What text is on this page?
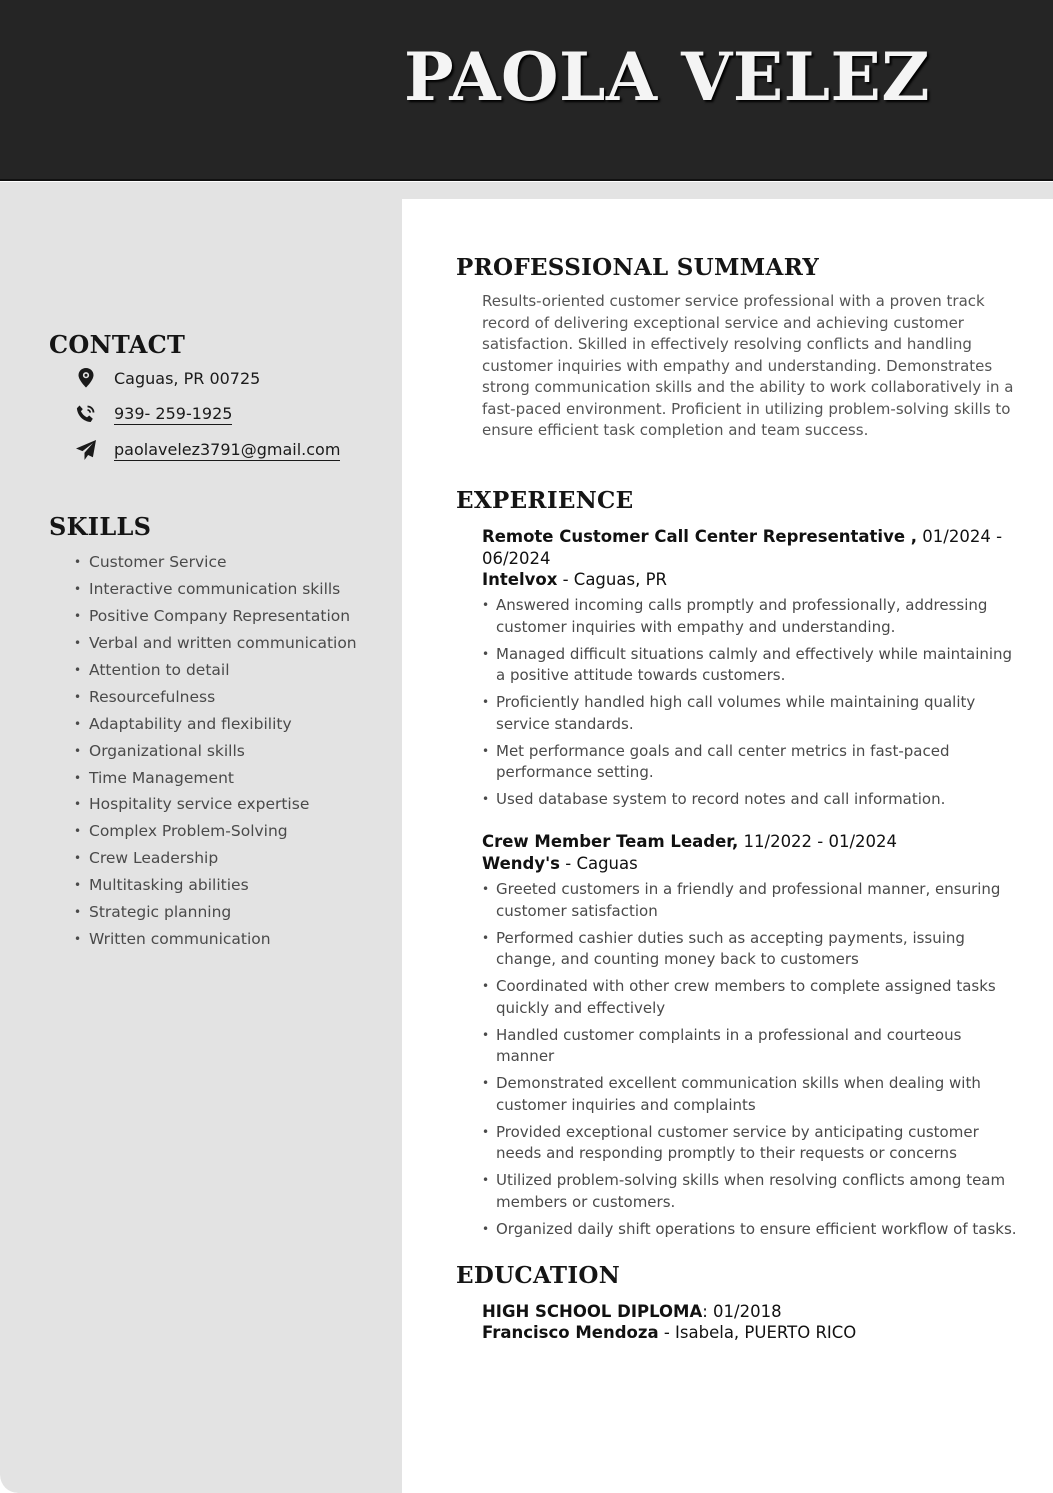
PAOLA VELEZ
CONTACT
Caguas, PR 00725
939- 259-1925
paolavelez3791@gmail.com
SKILLS
• Customer Service
• Interactive communication skills
• Positive Company Representation
• Verbal and written communication
• Attention to detail
• Resourcefulness
• Adaptability and flexibility
• Organizational skills
• Time Management
• Hospitality service expertise
• Complex Problem-Solving
• Crew Leadership
• Multitasking abilities
• Strategic planning
• Written communication
PROFESSIONAL SUMMARY
Results-oriented customer service professional with a proven track record of delivering exceptional service and achieving customer satisfaction. Skilled in effectively resolving conflicts and handling customer inquiries with empathy and understanding. Demonstrates strong communication skills and the ability to work collaboratively in a fast-paced environment. Proficient in utilizing problem-solving skills to ensure efficient task completion and team success.
EXPERIENCE
Remote Customer Call Center Representative , 01/2024 - 06/2024
Intelvox - Caguas, PR
• Answered incoming calls promptly and professionally, addressing customer inquiries with empathy and understanding.
• Managed difficult situations calmly and effectively while maintaining a positive attitude towards customers.
• Proficiently handled high call volumes while maintaining quality service standards.
• Met performance goals and call center metrics in fast-paced performance setting.
• Used database system to record notes and call information.
Crew Member Team Leader, 11/2022 - 01/2024
Wendy's - Caguas
• Greeted customers in a friendly and professional manner, ensuring customer satisfaction
• Performed cashier duties such as accepting payments, issuing change, and counting money back to customers
• Coordinated with other crew members to complete assigned tasks quickly and effectively
• Handled customer complaints in a professional and courteous manner
• Demonstrated excellent communication skills when dealing with customer inquiries and complaints
• Provided exceptional customer service by anticipating customer needs and responding promptly to their requests or concerns
• Utilized problem-solving skills when resolving conflicts among team members or customers.
• Organized daily shift operations to ensure efficient workflow of tasks.
EDUCATION
HIGH SCHOOL DIPLOMA: 01/2018
Francisco Mendoza - Isabela, PUERTO RICO
